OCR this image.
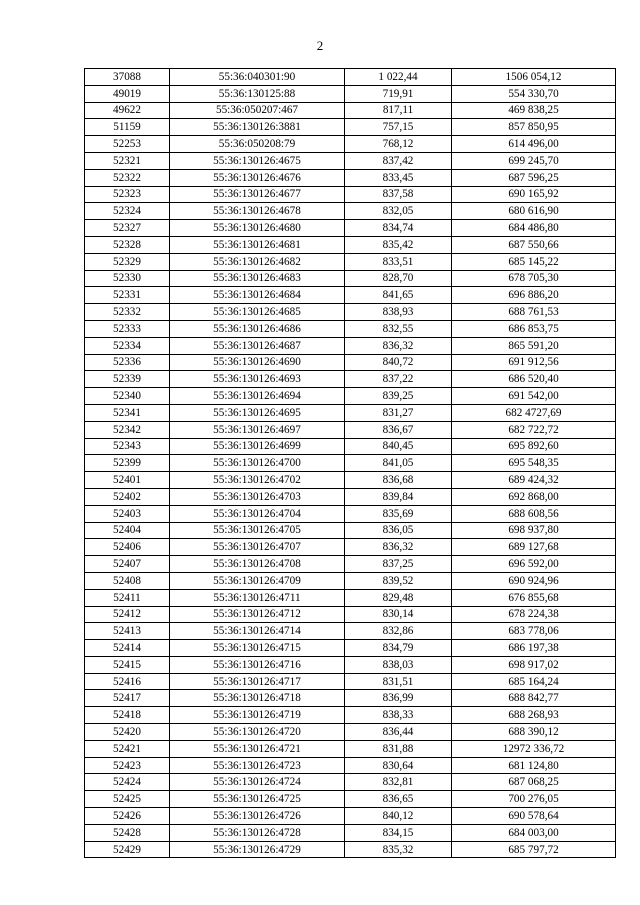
2
37088	55:36:040301:90	1 022,44	1506 054,12
49019	55:36:130125:88	719,91	554 330,70
49622	55:36:050207:467	817,11	469 838,25
51159	55:36:130126:3881	757,15	857 850,95
52253	55:36:050208:79	768,12	614 496,00
52321	55:36:130126:4675	837,42	699 245,70
52322	55:36:130126:4676	833,45	687 596,25
52323	55:36:130126:4677	837,58	690 165,92
52324	55:36:130126:4678	832,05	680 616,90
52327	55:36:130126:4680	834,74	684 486,80
52328	55:36:130126:4681	835,42	687 550,66
52329	55:36:130126:4682	833,51	685 145,22
52330	55:36:130126:4683	828,70	678 705,30
52331	55:36:130126:4684	841,65	696 886,20
52332	55:36:130126:4685	838,93	688 761,53
52333	55:36:130126:4686	832,55	686 853,75
52334	55:36:130126:4687	836,32	865 591,20
52336	55:36:130126:4690	840,72	691 912,56
52339	55:36:130126:4693	837,22	686 520,40
52340	55:36:130126:4694	839,25	691 542,00
52341	55:36:130126:4695	831,27	682 4727,69
52342	55:36:130126:4697	836,67	682 722,72
52343	55:36:130126:4699	840,45	695 892,60
52399	55:36:130126:4700	841,05	695 548,35
52401	55:36:130126:4702	836,68	689 424,32
52402	55:36:130126:4703	839,84	692 868,00
52403	55:36:130126:4704	835,69	688 608,56
52404	55:36:130126:4705	836,05	698 937,80
52406	55:36:130126:4707	836,32	689 127,68
52407	55:36:130126:4708	837,25	696 592,00
52408	55:36:130126:4709	839,52	690 924,96
52411	55:36:130126:4711	829,48	676 855,68
52412	55:36:130126:4712	830,14	678 224,38
52413	55:36:130126:4714	832,86	683 778,06
52414	55:36:130126:4715	834,79	686 197,38
52415	55:36:130126:4716	838,03	698 917,02
52416	55:36:130126:4717	831,51	685 164,24
52417	55:36:130126:4718	836,99	688 842,77
52418	55:36:130126:4719	838,33	688 268,93
52420	55:36:130126:4720	836,44	688 390,12
52421	55:36:130126:4721	831,88	12972 336,72
52423	55:36:130126:4723	830,64	681 124,80
52424	55:36:130126:4724	832,81	687 068,25
52425	55:36:130126:4725	836,65	700 276,05
52426	55:36:130126:4726	840,12	690 578,64
52428	55:36:130126:4728	834,15	684 003,00
52429	55:36:130126:4729	835,32	685 797,72
